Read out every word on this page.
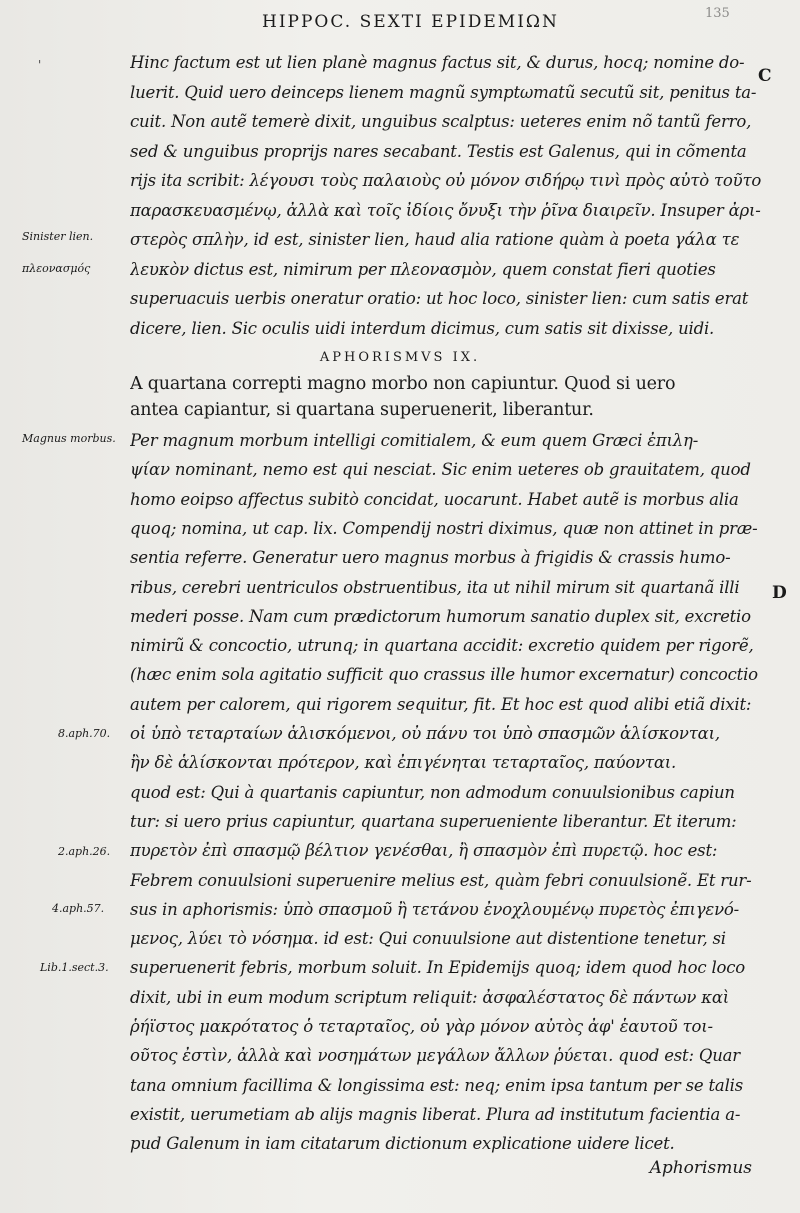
HIPPOC. SEXTI EPIDEMIΩN	135
C
D
'	Hinc factum est ut lien planè magnus factus sit, & durus, hocq; nomine do-
luerit. Quid uero deinceps lienem magnũ symptωmatũ secutũ sit, penitus ta-
cuit. Non autẽ temerè dixit, unguibus scalptus: ueteres enim nõ tantũ ferro,
sed & unguibus proprijs nares secabant. Testis est Galenus, qui in cõmenta
rijs ita scribit: λέγουσι τοὺς παλαιοὺς οὐ μόνον σιδήρῳ τινὶ πρὸς αὐτὸ τοῦτο
παρασκευασμένῳ, ἀλλὰ καὶ τοῖς ἰδίοις ὄνυξι τὴν ῥῖνα διαιρεῖν. Insuper ἀρι-
στερὸς σπλὴν, id est, sinister lien, haud alia ratione quàm à poeta γάλα τε
λευκὸν dictus est, nimirum per πλεονασμὸν, quem constat fieri quoties
superuacuis uerbis oneratur oratio: ut hoc loco, sinister lien: cum satis erat
dicere, lien. Sic oculis uidi interdum dicimus, cum satis sit dixisse, uidi.
APHORISMVS IX.
A quartana correpti magno morbo non capiuntur. Quod si uero
antea capiantur, si quartana superuenerit, liberantur.
Per magnum morbum intelligi comitialem, & eum quem Græci ἐπιλη-
ψίαν nominant, nemo est qui nesciat. Sic enim ueteres ob grauitatem, quod
homo eoipso affectus subitò concidat, uocarunt. Habet autẽ is morbus alia
quoq; nomina, ut cap. lix. Compendij nostri diximus, quæ non attinet in præ-
sentia referre. Generatur uero magnus morbus à frigidis & crassis humo-
ribus, cerebri uentriculos obstruentibus, ita ut nihil mirum sit quartanã illi
mederi posse. Nam cum prædictorum humorum sanatio duplex sit, excretio
nimirũ & concoctio, utrunq; in quartana accidit: excretio quidem per rigorẽ,
(hæc enim sola agitatio sufficit quo crassus ille humor excernatur) concoctio
autem per calorem, qui rigorem sequitur, fit. Et hoc est quod alibi etiã dixit:
οἱ ὑπὸ τεταρταίων ἁλισκόμενοι, οὐ πάνυ τοι ὑπὸ σπασμῶν ἁλίσκονται,
ἢν δὲ ἁλίσκονται πρότερον, καὶ ἐπιγένηται τεταρταῖος, παύονται.
quod est: Qui à quartanis capiuntur, non admodum conuulsionibus capiun
tur: si uero prius capiuntur, quartana superueniente liberantur. Et iterum:
πυρετὸν ἐπὶ σπασμῷ βέλτιον γενέσθαι, ἢ σπασμὸν ἐπὶ πυρετῷ. hoc est:
Febrem conuulsioni superuenire melius est, quàm febri conuulsionẽ. Et rur-
sus in aphorismis: ὑπὸ σπασμοῦ ἢ τετάνου ἐνοχλουμένῳ πυρετὸς ἐπιγενό-
μενος, λύει τὸ νόσημα. id est: Qui conuulsione aut distentione tenetur, si
superuenerit febris, morbum soluit. In Epidemijs quoq; idem quod hoc loco
dixit, ubi in eum modum scriptum reliquit: ἀσφαλέστατος δὲ πάντων καὶ
ῥήϊστος μακρότατος ὁ τεταρταῖος, οὐ γὰρ μόνον αὐτὸς ἀφ' ἑαυτοῦ τοι-
οῦτος ἐστὶν, ἀλλὰ καὶ νοσημάτων μεγάλων ἄλλων ῥύεται. quod est: Quar
tana omnium facillima & longissima est: neq; enim ipsa tantum per se talis
existit, uerumetiam ab alijs magnis liberat. Plura ad institutum facientia a-
pud Galenum in iam citatarum dictionum explicatione uidere licet.
Sinister lien.
πλεονασμός
Magnus morbus.
8.aph.70.
2.aph.26.
4.aph.57.
Lib.1.sect.3.
Aphorismus
